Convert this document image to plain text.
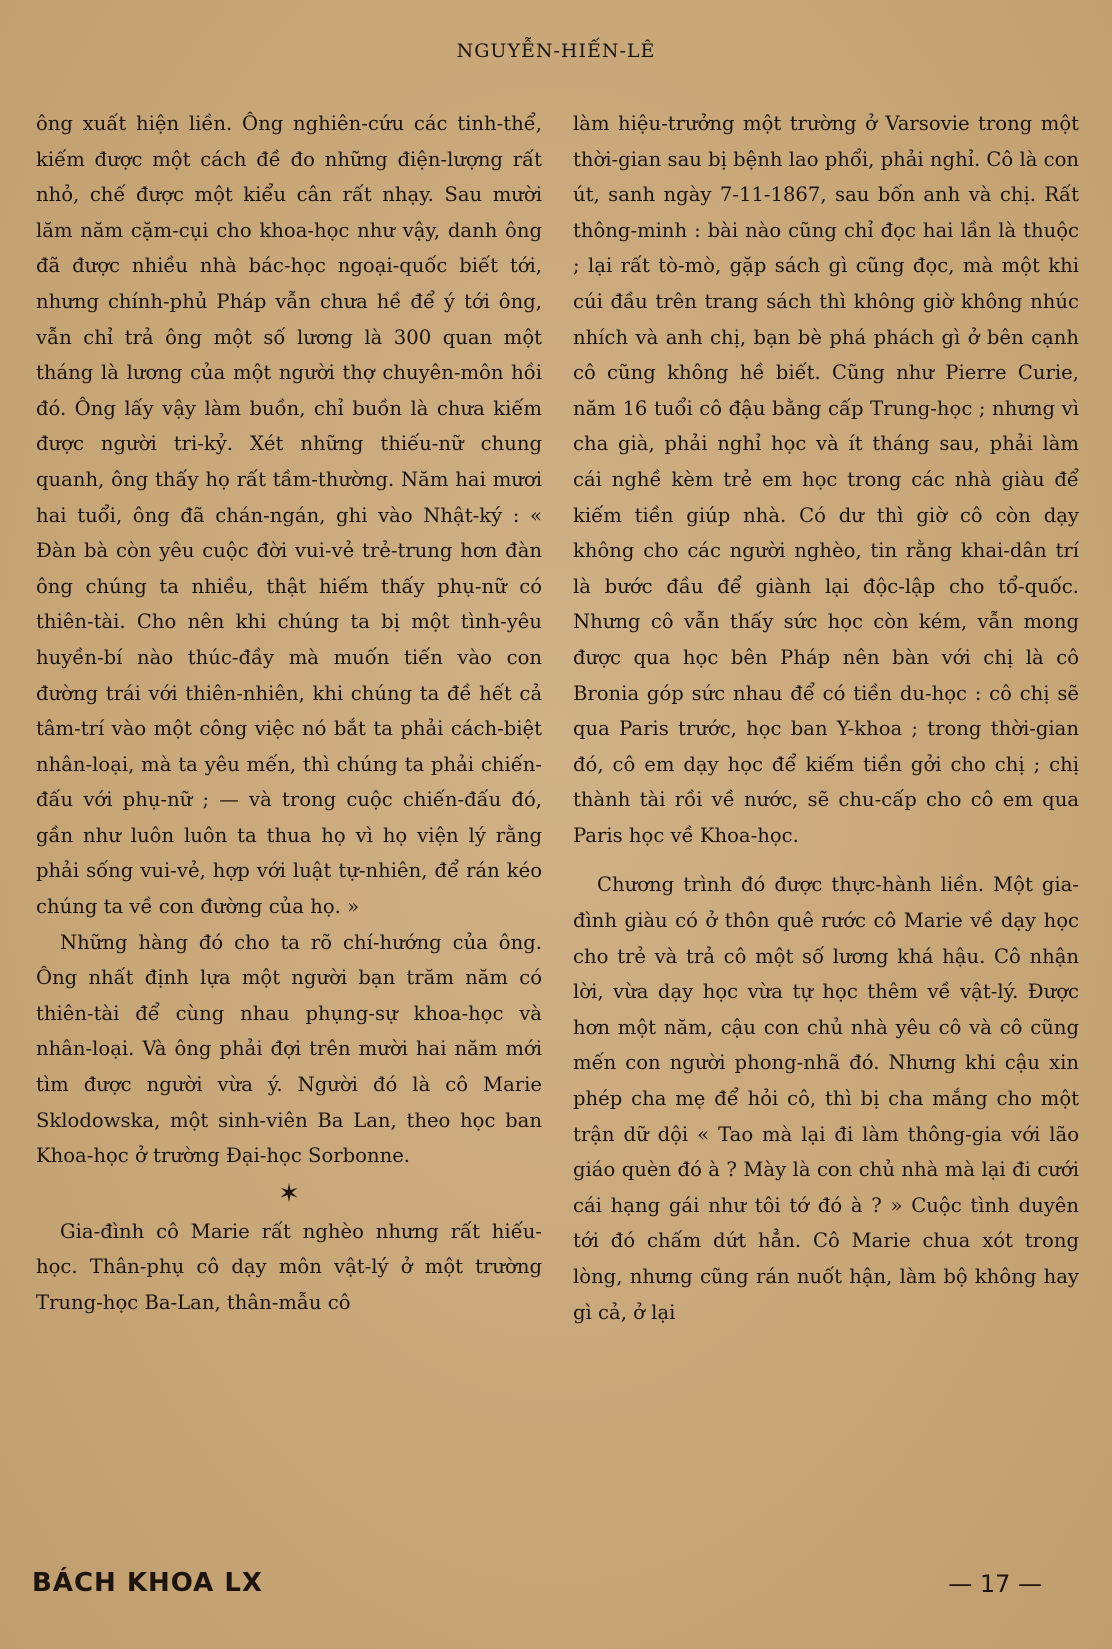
NGUYỄN-HIẾN-LÊ

ông xuất hiện liền. Ông nghiên-cứu các tinh-thể, kiếm được một cách đề đo những điện-lượng rất nhỏ, chế được một kiểu cân rất nhạy. Sau mười lăm năm cặm-cụi cho khoa-học như vậy, danh ông đã được nhiều nhà bác-học ngoại-quốc biết tới, nhưng chính-phủ Pháp vẫn chưa hề để ý tới ông, vẫn chỉ trả ông một số lương là 300 quan một tháng là lương của một người thợ chuyên-môn hồi đó. Ông lấy vậy làm buồn, chỉ buồn là chưa kiếm được người tri-kỷ. Xét những thiếu-nữ chung quanh, ông thấy họ rất tầm-thường. Năm hai mươi hai tuổi, ông đã chán-ngán, ghi vào Nhật-ký : « Đàn bà còn yêu cuộc đời vui-vẻ trẻ-trung hơn đàn ông chúng ta nhiều, thật hiếm thấy phụ-nữ có thiên-tài. Cho nên khi chúng ta bị một tình-yêu huyền-bí nào thúc-đầy mà muốn tiến vào con đường trái với thiên-nhiên, khi chúng ta đề hết cả tâm-trí vào một công việc nó bắt ta phải cách-biệt nhân-loại, mà ta yêu mến, thì chúng ta phải chiến-đấu với phụ-nữ ; — và trong cuộc chiến-đấu đó, gần như luôn luôn ta thua họ vì họ viện lý rằng phải sống vui-vẻ, hợp với luật tự-nhiên, để rán kéo chúng ta về con đường của họ. »

Những hàng đó cho ta rõ chí-hướng của ông. Ông nhất định lựa một người bạn trăm năm có thiên-tài để cùng nhau phụng-sự khoa-học và nhân-loại. Và ông phải đợi trên mười hai năm mới tìm được người vừa ý. Người đó là cô Marie Sklodowska, một sinh-viên Ba Lan, theo học ban Khoa-học ở trường Đại-học Sorbonne.

✶

Gia-đình cô Marie rất nghèo nhưng rất hiếu-học. Thân-phụ cô dạy môn vật-lý ở một trường Trung-học Ba-Lan, thân-mẫu cô

làm hiệu-trưởng một trường ở Varsovie trong một thời-gian sau bị bệnh lao phổi, phải nghỉ. Cô là con út, sanh ngày 7-11-1867, sau bốn anh và chị. Rất thông-minh : bài nào cũng chỉ đọc hai lần là thuộc ; lại rất tò-mò, gặp sách gì cũng đọc, mà một khi cúi đầu trên trang sách thì không giờ không nhúc nhích và anh chị, bạn bè phá phách gì ở bên cạnh cô cũng không hề biết. Cũng như Pierre Curie, năm 16 tuổi cô đậu bằng cấp Trung-học ; nhưng vì cha già, phải nghỉ học và ít tháng sau, phải làm cái nghề kèm trẻ em học trong các nhà giàu để kiếm tiền giúp nhà. Có dư thì giờ cô còn dạy không cho các người nghèo, tin rằng khai-dân trí là bước đầu để giành lại độc-lập cho tổ-quốc. Nhưng cô vẫn thấy sức học còn kém, vẫn mong được qua học bên Pháp nên bàn với chị là cô Bronia góp sức nhau để có tiền du-học : cô chị sẽ qua Paris trước, học ban Y-khoa ; trong thời-gian đó, cô em dạy học để kiếm tiền gởi cho chị ; chị thành tài rồi về nước, sẽ chu-cấp cho cô em qua Paris học về Khoa-học.

Chương trình đó được thực-hành liền. Một gia-đình giàu có ở thôn quê rước cô Marie về dạy học cho trẻ và trả cô một số lương khá hậu. Cô nhận lời, vừa dạy học vừa tự học thêm về vật-lý. Được hơn một năm, cậu con chủ nhà yêu cô và cô cũng mến con người phong-nhã đó. Nhưng khi cậu xin phép cha mẹ để hỏi cô, thì bị cha mắng cho một trận dữ dội « Tao mà lại đi làm thông-gia với lão giáo quèn đó à ? Mày là con chủ nhà mà lại đi cưới cái hạng gái như tôi tớ đó à ? » Cuộc tình duyên tới đó chấm dứt hẳn. Cô Marie chua xót trong lòng, nhưng cũng rán nuốt hận, làm bộ không hay gì cả, ở lại

BÁCH KHOA LX	— 17 —
